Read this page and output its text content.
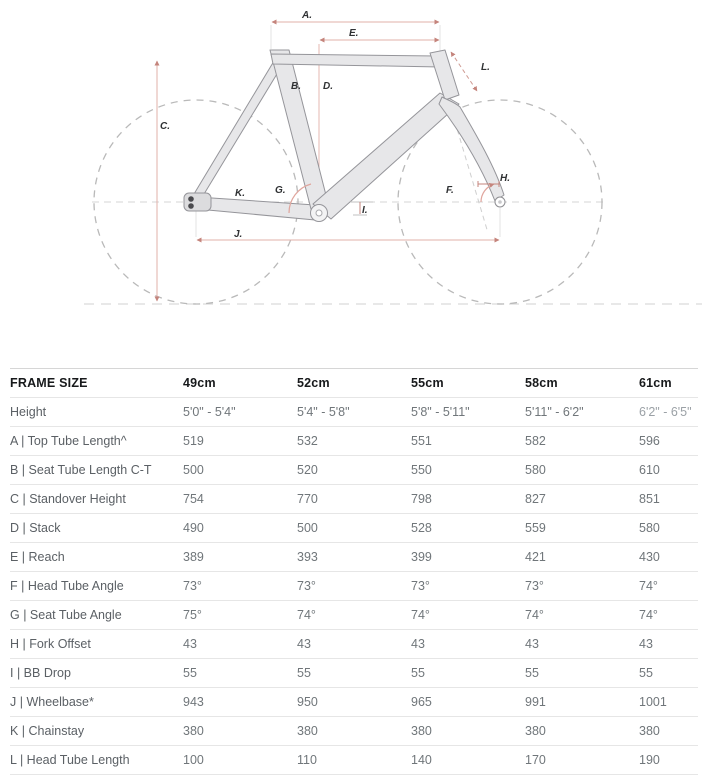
A.
E.
B. D.
C.
L.
K.	G.	F.
H.
I.
J.
FRAME SIZE	49cm	52cm	55cm	58cm	61cm
Height	5'0" - 5'4"	5'4" - 5'8"	5'8" - 5'11"	5'11" - 6'2"	6'2" - 6'5"
A | Top Tube Length^	519	532	551	582	596
B | Seat Tube Length C-T	500	520	550	580	610
C | Standover Height	754	770	798	827	851
D | Stack	490	500	528	559	580
E | Reach	389	393	399	421	430
F | Head Tube Angle	73°	73°	73°	73°	74°
G | Seat Tube Angle	75°	74°	74°	74°	74°
H | Fork Offset	43	43	43	43	43
I | BB Drop	55	55	55	55	55
J | Wheelbase*	943	950	965	991	1001
K | Chainstay	380	380	380	380	380
L | Head Tube Length	100	110	140	170	190
